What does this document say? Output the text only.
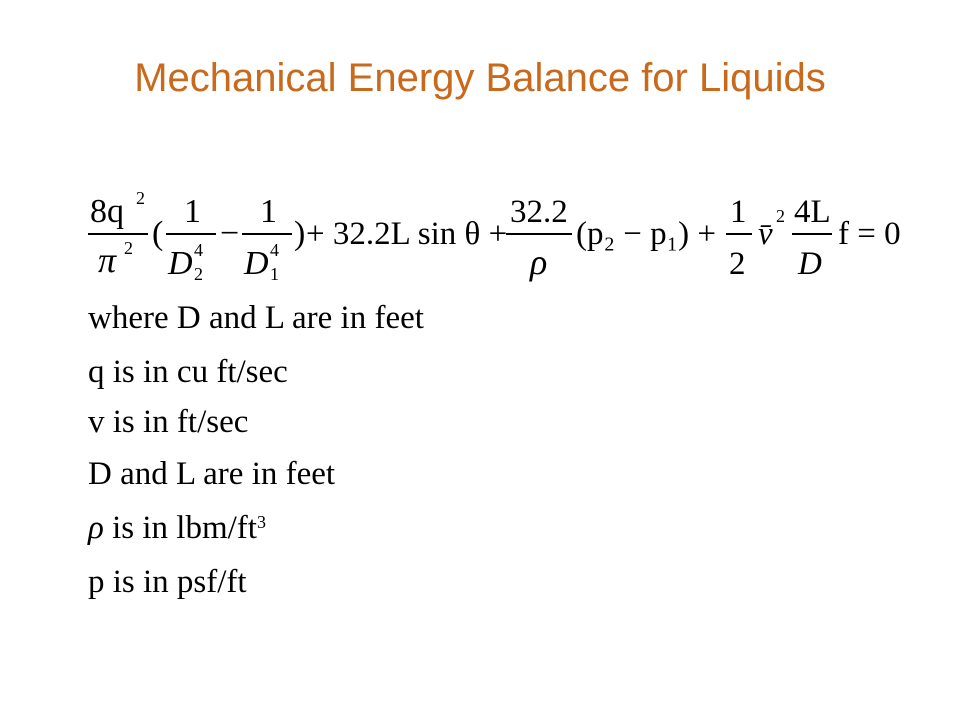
Mechanical Energy Balance for Liquids
8q 2
π 2 (
1
D 4
2
−
1
D 4
1
) + 32.2L sin θ +
32.2
ρ
(p₂ − p₁) +
1
2
v̄ 2 4L
D
f = 0
where D and L are in feet
q is in cu ft/sec
v is in ft/sec
D and L are in feet
ρ is in lbm/$ft^3$
p is in psf/ft
